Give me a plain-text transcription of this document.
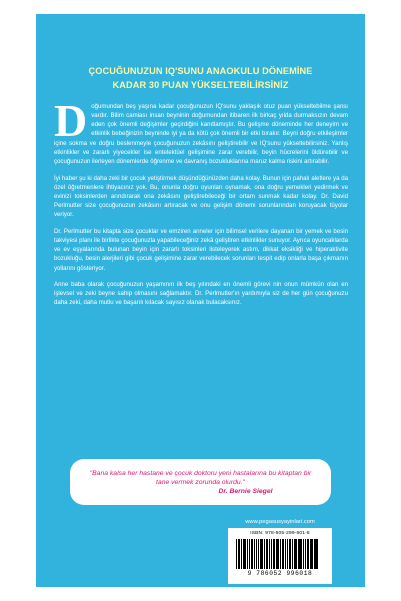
ÇOCUĞUNUZUN IQ'SUNU ANAOKULU DÖNEMİNE
KADAR 30 PUAN YÜKSELTEBİLİRSİNİZ

Doğumundan beş yaşına kadar çocuğunuzun IQ'sunu yaklaşık otuz puan yükseltebilme şansı vardır. Bilim camiası insan beyninin doğumundan itibaren ilk birkaç yılda durmaksızın devam eden çok önemli değişimler geçirdiğini kanıtlamıştır. Bu gelişme döneminde her deneyim ve etkinlik bebeğinizin beyninde iyi ya da kötü çok önemli bir etki bırakır. Beyni doğru etkileşimler içine sokma ve doğru beslenmeyle çocuğunuzun zekâsını geliştirebilir ve IQ'sunu yükseltebilirsiniz. Yanlış etkinlikler ve zararlı yiyecekler ise entelektüel gelişimine zarar verebilir, beyin hücrelerini öldürebilir ve çocuğunuzun ilerleyen dönemlerde öğrenme ve davranış bozukluklarına maruz kalma riskini artırabilir.

İyi haber şu ki daha zeki bir çocuk yetiştirmek düşündüğünüzden daha kolay. Bunun için pahalı aletlere ya da özel öğretmenlere ihtiyacınız yok. Bu, onunla doğru oyunları oynamak, ona doğru yemekleri yedirmek ve evinizi toksinlerden arındırarak ona zekâsını geliştirebileceği bir ortam sunmak kadar kolay. Dr. David Perlmutter size çocuğunuzun zekâsını artıracak ve onu gelişim dönemi sorunlarından koruyacak tüyolar veriyor.

Dr. Perlmutter bu kitapta size çocuklar ve emziren anneler için bilimsel verilere dayanan bir yemek ve besin takviyesi planı ile birlikte çocuğunuzla yapabileceğiniz zekâ geliştiren etkinlikler sunuyor. Ayrıca oyuncaklarda ve ev eşyalarında bulunan beyin için zararlı toksinleri listeleyerek astım, dikkat eksikliği ve hiperaktivite bozukluğu, besin alerjileri gibi çocuk gelişimine zarar verebilecek sorunları tespit edip onlarla başa çıkmanın yollarını gösteriyor.

Anne baba olarak çocuğunuzun yaşamının ilk beş yılındaki en önemli görevi nin onun mümkün olan en işlevsel ve zeki beyne sahip olmasını sağlamaktır. Dr. Perlmutter'ın yardımıyla siz de her gün çocuğunuzu daha zeki, daha mutlu ve başarılı kılacak sayısız olanak bulacaksınız.

"Bana kalsa her hastane ve çocuk doktoru yeni hastalarına bu kitaptan bir tane vermek zorunda olurdu."
Dr. Bernie Siegel
www.pegasusyayinlari.com
ISBN: 978-605-299-601-8
9 786052 996018
